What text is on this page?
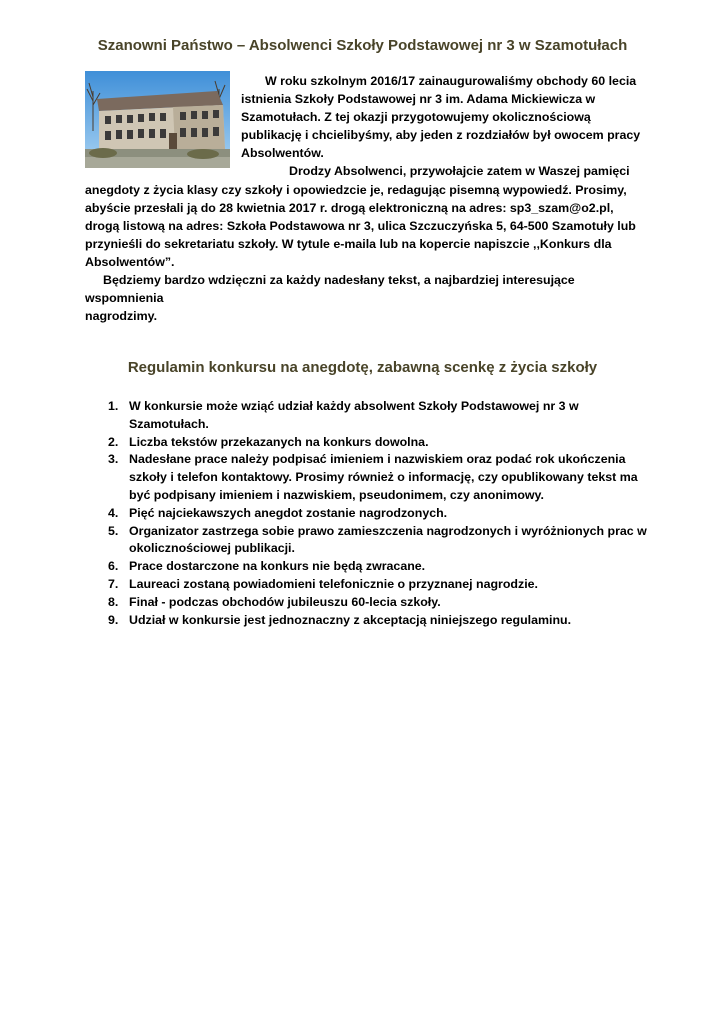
Szanowni Państwo – Absolwenci Szkoły Podstawowej nr 3 w Szamotułach

W roku szkolnym 2016/17 zainaugurowaliśmy obchody 60 lecia istnienia Szkoły Podstawowej nr 3 im. Adama Mickiewicza w Szamotułach. Z tej okazji przygotowujemy okolicznościową publikację i chcielibyśmy, aby jeden z rozdziałów był owocem pracy Absolwentów.

Drodzy Absolwenci, przywołajcie zatem w Waszej pamięci anegdoty z życia klasy czy szkoły i opowiedzcie je, redagując pisemną wypowiedź. Prosimy, abyście przesłali ją do 28 kwietnia 2017 r. drogą elektroniczną na adres: sp3_szam@o2.pl, drogą listową na adres: Szkoła Podstawowa nr 3, ulica Szczuczyńska 5, 64-500 Szamotuły lub przynieśli do sekretariatu szkoły. W tytule e-maila lub na kopercie napiszcie ,,Konkurs dla Absolwentów”.

Będziemy bardzo wdzięczni za każdy nadesłany tekst, a najbardziej interesujące wspomnienia

nagrodzimy.

Regulamin konkursu na anegdotę, zabawną scenkę z życia szkoły
1. W konkursie może wziąć udział każdy absolwent Szkoły Podstawowej nr 3 w Szamotułach.
2. Liczba tekstów przekazanych na konkurs dowolna.
3. Nadesłane prace należy podpisać imieniem i nazwiskiem oraz podać rok ukończenia szkoły i telefon kontaktowy. Prosimy również o informację, czy opublikowany tekst ma być podpisany imieniem i nazwiskiem, pseudonimem, czy anonimowy.
4. Pięć najciekawszych anegdot zostanie nagrodzonych.
5. Organizator zastrzega sobie prawo zamieszczenia nagrodzonych i wyróżnionych prac w okolicznościowej publikacji.
6. Prace dostarczone na konkurs nie będą zwracane.
7. Laureaci zostaną powiadomieni telefonicznie o przyznanej nagrodzie.
8. Finał - podczas obchodów jubileuszu 60-lecia szkoły.
9. Udział w konkursie jest jednoznaczny z akceptacją niniejszego regulaminu.
